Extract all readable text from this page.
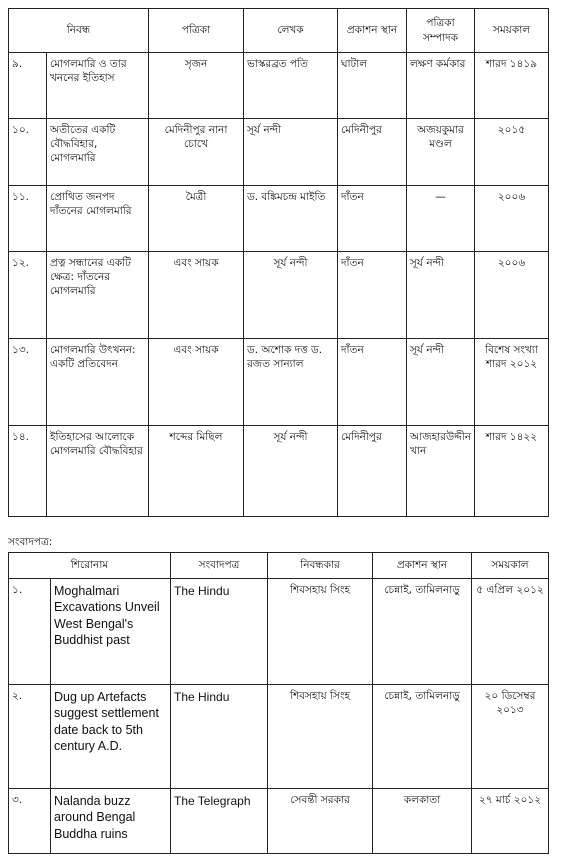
নিবন্ধ		পত্রিকা	লেখক	প্রকাশন স্থান	পত্রিকা সম্পাদক	সময়কাল
৯.	মোগলমারি ও তার খননের ইতিহাস	সৃজন	ভাস্করব্রত পতি	ঘাটাল	লক্ষণ কর্মকার	শারদ ১৪১৯
১০.	অতীতের একটি বৌদ্ধবিহার, মোগলমারি	মেদিনীপুর নানা চোখে	সূর্য নন্দী	মেদিনীপুর	অজয়কুমার মণ্ডল	২০১৫
১১.	প্রোথিত জনপদ দাঁতনের মোগলমারি	মৈত্রী	ড. বঙ্কিমচন্দ্র মাইতি	দাঁতন	—	২০০৬
১২.	প্রত্ন সন্ধানের একটি ক্ষেত্র: দাঁতনের মোগলমারি	এবং সায়ক	সূর্য নন্দী	দাঁতন	সূর্য নন্দী	২০০৬
১৩.	মোগলমারি উৎখনন: একটি প্রতিবেদন	এবং সায়ক	ড. অশোক দত্ত ড. রজত সান্যাল	দাঁতন	সূর্য নন্দী	বিশেষ সংখ্যা শারদ ২০১২
১৪.	ইতিহাসের আলোকে মোগলমারি বৌদ্ধবিহার	শব্দের মিছিল	সূর্য নন্দী	মেদিনীপুর	আজহারউদ্দীন খান	শারদ ১৪২২

সংবাদপত্র:

শিরোনাম		সংবাদপত্র	নিবন্ধকার	প্রকাশন স্থান	সময়কাল
১.	Moghalmari Excavations Unveil West Bengal's Buddhist past	The Hindu	শিবসহায় সিংহ	চেন্নাই, তামিলনাড়ু	৫ এপ্রিল ২০১২
২.	Dug up Artefacts suggest settlement date back to 5th century A.D.	The Hindu	শিবসহায় সিংহ	চেন্নাই, তামিলনাড়ু	২০ ডিসেম্বর ২০১৩
৩.	Nalanda buzz around Bengal Buddha ruins	The Telegraph	সেবন্তী সরকার	কলকাতা	২৭ মার্চ ২০১২
